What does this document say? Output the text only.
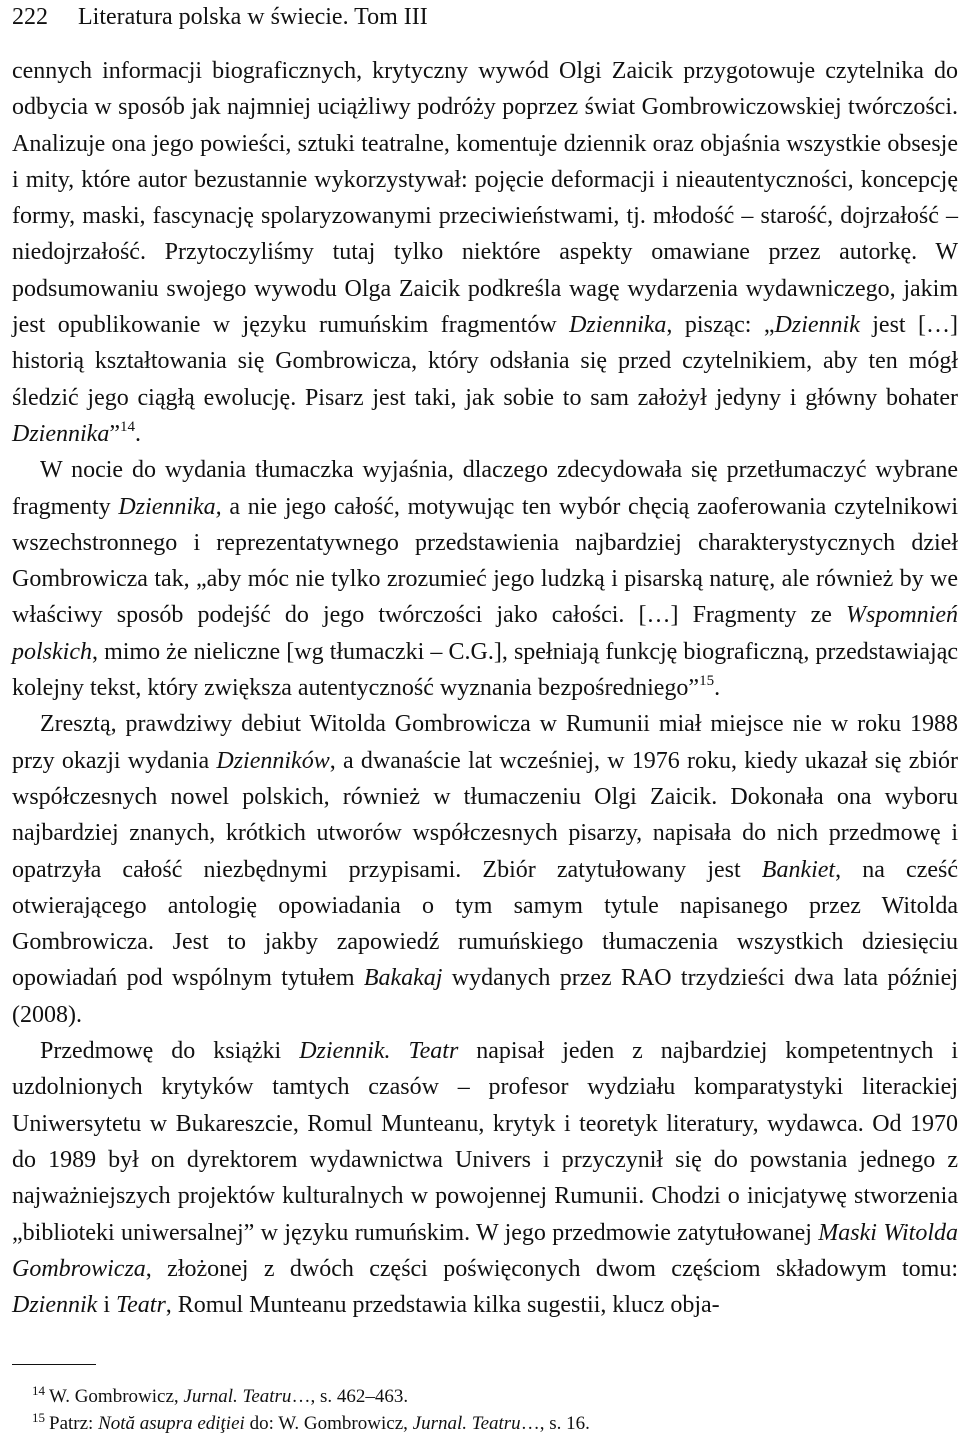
222 Literatura polska w świecie. Tom III

cennych informacji biograficznych, krytyczny wywód Olgi Zaicik przygotowuje czytelnika do odbycia w sposób jak najmniej uciążliwy podróży poprzez świat Gombrowiczowskiej twórczości. Analizuje ona jego powieści, sztuki teatralne, komentuje dziennik oraz objaśnia wszystkie obsesje i mity, które autor bezustannie wykorzystywał: pojęcie deformacji i nieautentyczności, koncepcję formy, maski, fascynację spolaryzowanymi przeciwieństwami, tj. młodość – starość, dojrzałość – niedojrzałość. Przytoczyliśmy tutaj tylko niektóre aspekty omawiane przez autorkę. W podsumowaniu swojego wywodu Olga Zaicik podkreśla wagę wydarzenia wydawniczego, jakim jest opublikowanie w języku rumuńskim fragmentów Dziennika, pisząc: „Dziennik jest […] historią kształtowania się Gombrowicza, który odsłania się przed czytelnikiem, aby ten mógł śledzić jego ciągłą ewolucję. Pisarz jest taki, jak sobie to sam założył jedyny i główny bohater Dziennika”$^{14}$.

W nocie do wydania tłumaczka wyjaśnia, dlaczego zdecydowała się przetłumaczyć wybrane fragmenty Dziennika, a nie jego całość, motywując ten wybór chęcią zaoferowania czytelnikowi wszechstronnego i reprezentatywnego przedstawienia najbardziej charakterystycznych dzieł Gombrowicza tak, „aby móc nie tylko zrozumieć jego ludzką i pisarską naturę, ale również by we właściwy sposób podejść do jego twórczości jako całości. […] Fragmenty ze Wspomnień polskich, mimo że nieliczne [wg tłumaczki – C.G.], spełniają funkcję biograficzną, przedstawiając kolejny tekst, który zwiększa autentyczność wyznania bezpośredniego”$^{15}$.

Zresztą, prawdziwy debiut Witolda Gombrowicza w Rumunii miał miejsce nie w roku 1988 przy okazji wydania Dzienników, a dwanaście lat wcześniej, w 1976 roku, kiedy ukazał się zbiór współczesnych nowel polskich, również w tłumaczeniu Olgi Zaicik. Dokonała ona wyboru najbardziej znanych, krótkich utworów współczesnych pisarzy, napisała do nich przedmowę i opatrzyła całość niezbędnymi przypisami. Zbiór zatytułowany jest Bankiet, na cześć otwierającego antologię opowiadania o tym samym tytule napisanego przez Witolda Gombrowicza. Jest to jakby zapowiedź rumuńskiego tłumaczenia wszystkich dziesięciu opowiadań pod wspólnym tytułem Bakakaj wydanych przez RAO trzydzieści dwa lata później (2008).

Przedmowę do książki Dziennik. Teatr napisał jeden z najbardziej kompetentnych i uzdolnionych krytyków tamtych czasów – profesor wydziału komparatystyki literackiej Uniwersytetu w Bukareszcie, Romul Munteanu, krytyk i teoretyk literatury, wydawca. Od 1970 do 1989 był on dyrektorem wydawnictwa Univers i przyczynił się do powstania jednego z najważniejszych projektów kulturalnych w powojennej Rumunii. Chodzi o inicjatywę stworzenia „biblioteki uniwersalnej” w języku rumuńskim. W jego przedmowie zatytułowanej Maski Witolda Gombrowicza, złożonej z dwóch części poświęconych dwom częściom składowym tomu: Dziennik i Teatr, Romul Munteanu przedstawia kilka sugestii, klucz obja-

$^{14}$ W. Gombrowicz, Jurnal. Teatru…, s. 462–463.
$^{15}$ Patrz: Notă asupra ediţiei do: W. Gombrowicz, Jurnal. Teatru…, s. 16.
